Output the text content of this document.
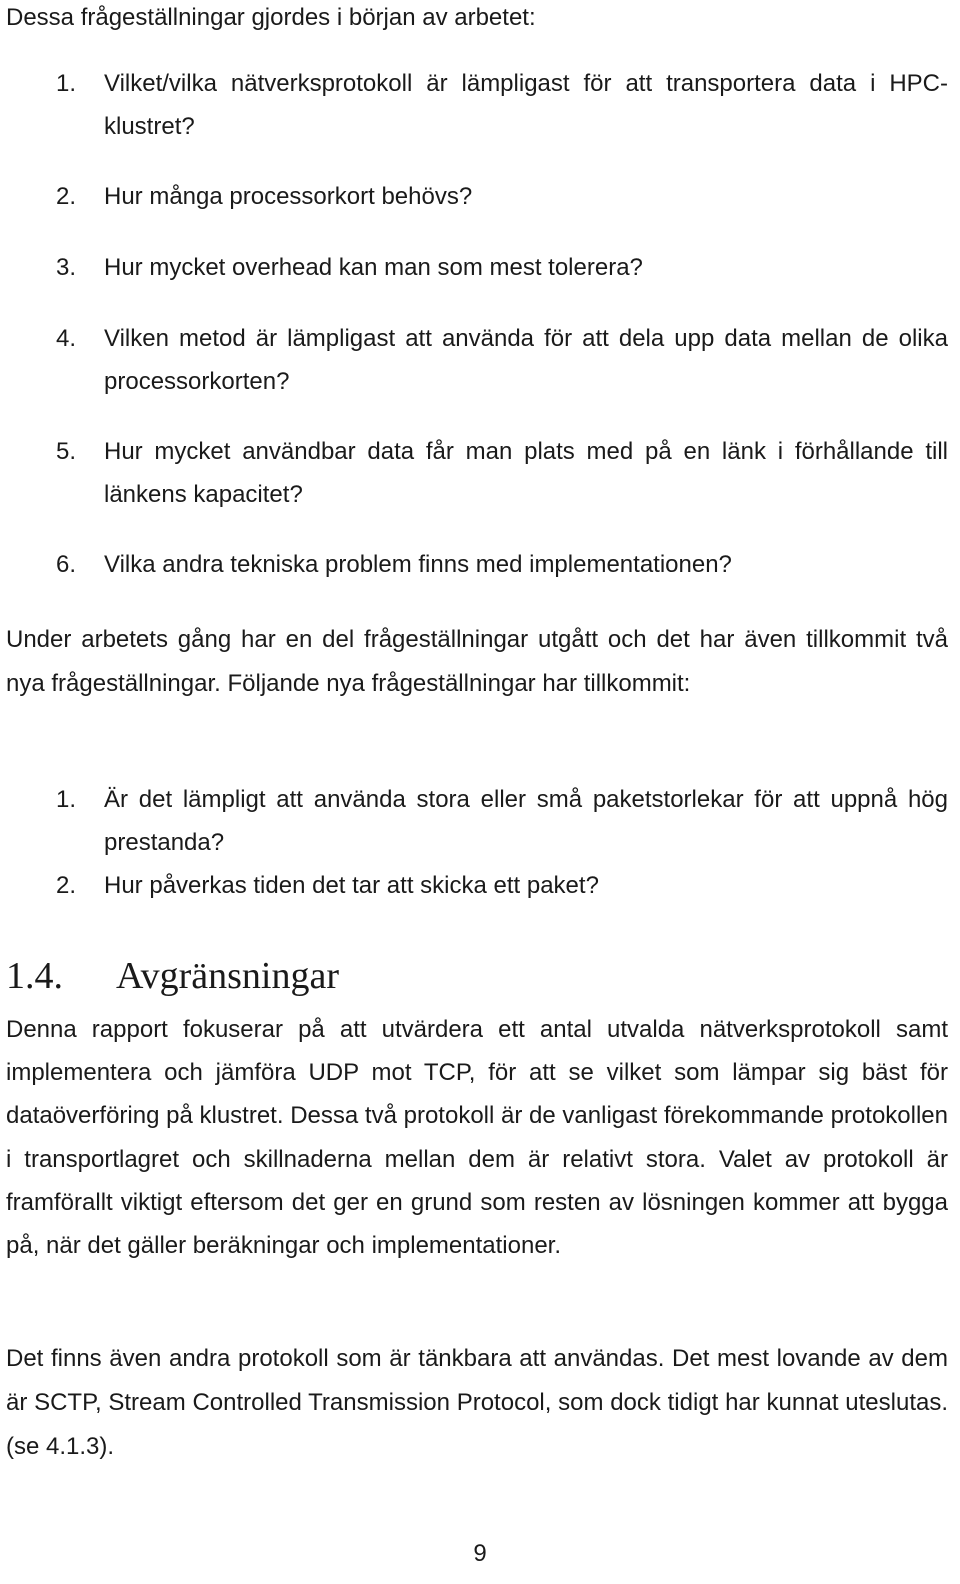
Dessa frågeställningar gjordes i början av arbetet:

1. Vilket/vilka nätverksprotokoll är lämpligast för att transportera data i HPC-klustret?
2. Hur många processorkort behövs?
3. Hur mycket overhead kan man som mest tolerera?
4. Vilken metod är lämpligast att använda för att dela upp data mellan de olika processorkorten?
5. Hur mycket användbar data får man plats med på en länk i förhållande till länkens kapacitet?
6. Vilka andra tekniska problem finns med implementationen?

Under arbetets gång har en del frågeställningar utgått och det har även tillkommit två nya frågeställningar. Följande nya frågeställningar har tillkommit:

1. Är det lämpligt att använda stora eller små paketstorlekar för att uppnå hög prestanda?
2. Hur påverkas tiden det tar att skicka ett paket?
1.4. Avgränsningar

Denna rapport fokuserar på att utvärdera ett antal utvalda nätverksprotokoll samt implementera och jämföra UDP mot TCP, för att se vilket som lämpar sig bäst för dataöverföring på klustret. Dessa två protokoll är de vanligast förekommande protokollen i transportlagret och skillnaderna mellan dem är relativt stora. Valet av protokoll är framförallt viktigt eftersom det ger en grund som resten av lösningen kommer att bygga på, när det gäller beräkningar och implementationer.

Det finns även andra protokoll som är tänkbara att användas. Det mest lovande av dem är SCTP, Stream Controlled Transmission Protocol, som dock tidigt har kunnat uteslutas. (se 4.1.3).

9
